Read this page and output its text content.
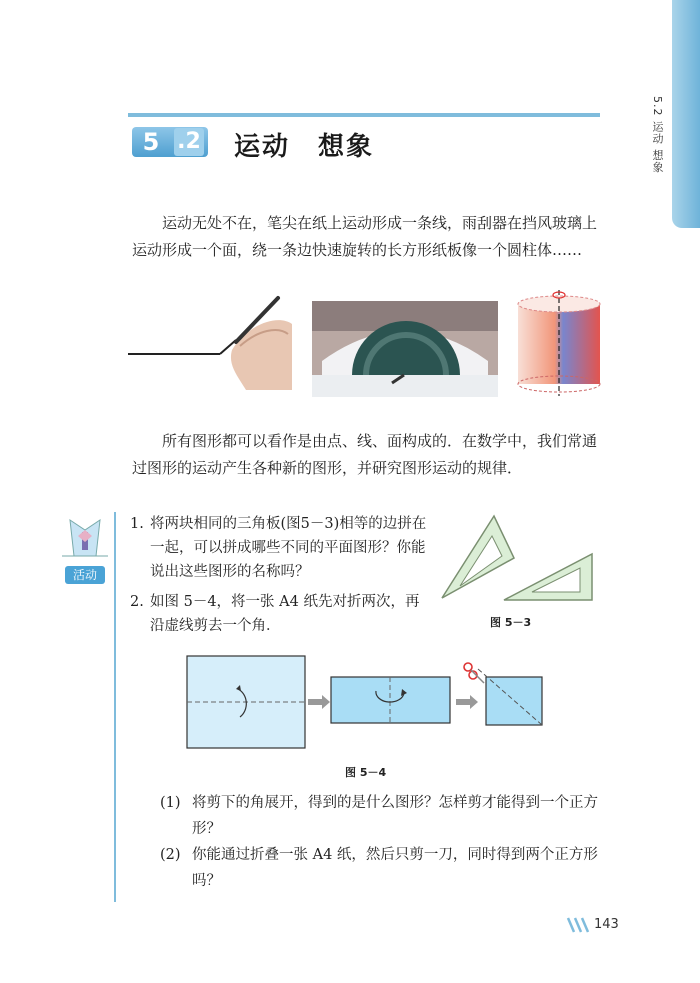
5.2 运动 想象
5 .2 运动　想象
运动无处不在，笔尖在纸上运动形成一条线，雨刮器在挡风玻璃上运动形成一个面，绕一条边快速旋转的长方形纸板像一个圆柱体……
所有图形都可以看作是由点、线、面构成的．在数学中，我们常通过图形的运动产生各种新的图形，并研究图形运动的规律．
活动
1. 将两块相同的三角板(图5－3)相等的边拼在一起，可以拼成哪些不同的平面图形？你能说出这些图形的名称吗？
2. 如图 5－4，将一张 A4 纸先对折两次，再沿虚线剪去一个角．	图 5－3
图 5－4
(1) 将剪下的角展开，得到的是什么图形？怎样剪才能得到一个正方形？
(2) 你能通过折叠一张 A4 纸，然后只剪一刀，同时得到两个正方形吗？
143
